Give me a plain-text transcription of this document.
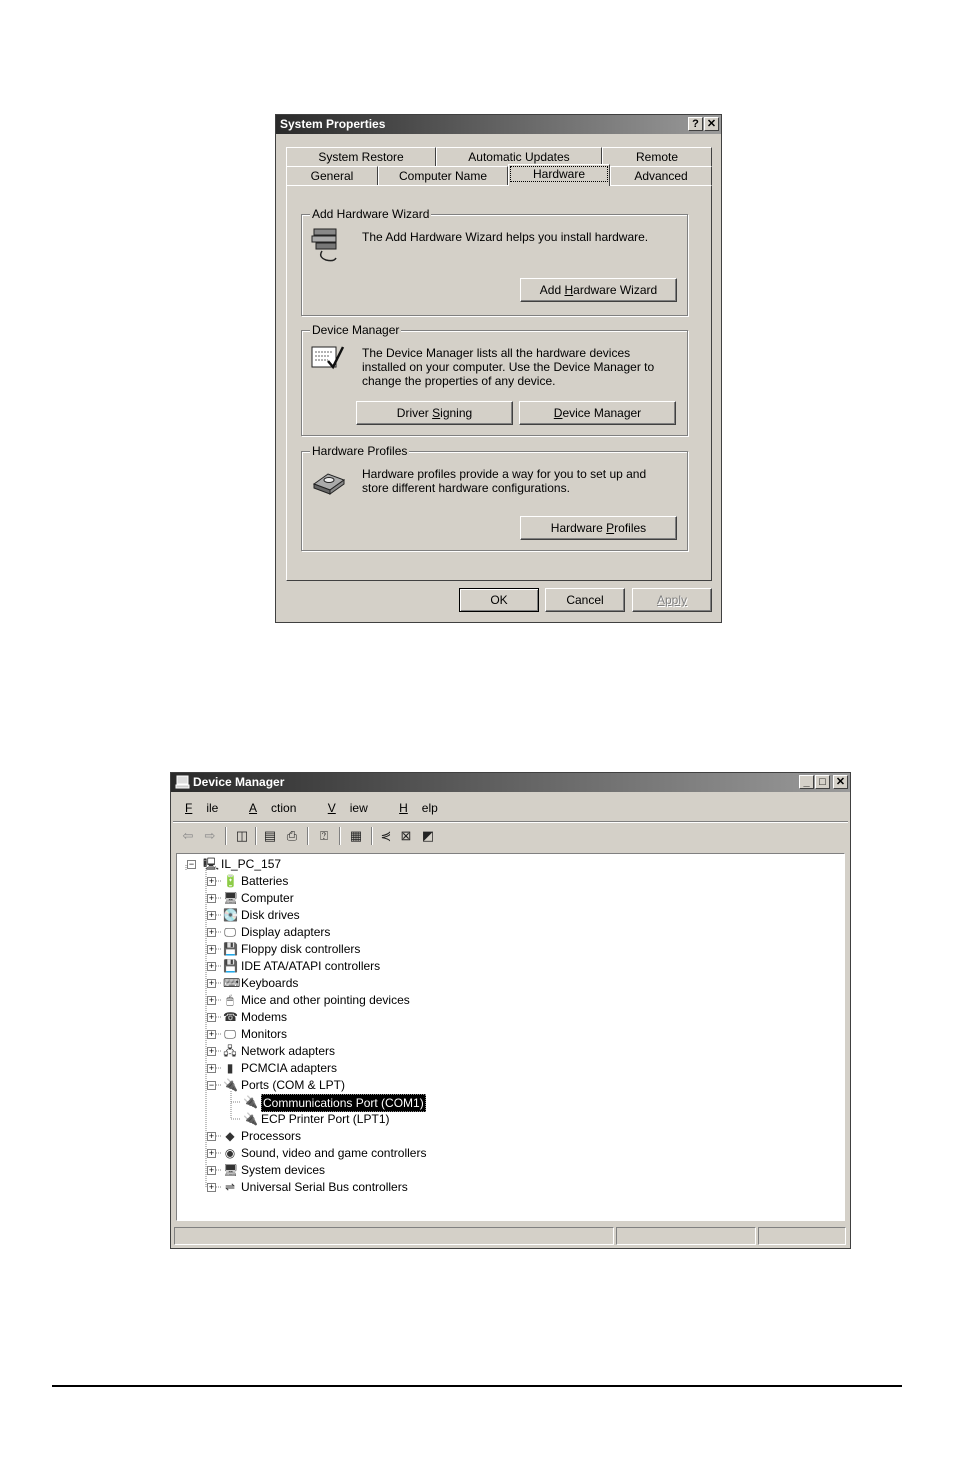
System Properties	? ✕
System Restore	Automatic Updates	Remote
General	Computer Name	Hardware	Advanced
Add Hardware Wizard
The Add Hardware Wizard helps you install hardware.
Add Hardware Wizard
Device Manager
The Device Manager lists all the hardware devices installed on your computer. Use the Device Manager to change the properties of any device.
Driver Signing	Device Manager
Hardware Profiles
Hardware profiles provide a way for you to set up and store different hardware configurations.
Hardware Profiles
OK	Cancel	Apply
Device Manager	_ □ ✕
F ile	A ction	V iew	H elp
⇦ ⇨ ◫ ▤ ⎙	⍰	▦ ⋞ ⊠ ◩
− 🖳 IL_PC_157
+ 🔋 Batteries
+ 🖥 Computer
+ 💽 Disk drives
+ 🖵 Display adapters
+ 💾 Floppy disk controllers
+ 💾 IDE ATA/ATAPI controllers
+ ⌨ Keyboards
+ 🖱 Mice and other pointing devices
+ ☎ Modems
+ 🖵 Monitors
+ 🖧 Network adapters
+	▮ PCMCIA adapters
− 🔌 Ports (COM & LPT)
🔌 Communications Port (COM1)
🔌 ECP Printer Port (LPT1)
+ ◆ Processors
+ ◉ Sound, video and game controllers
+ 🖥 System devices
+ ⇌ Universal Serial Bus controllers
